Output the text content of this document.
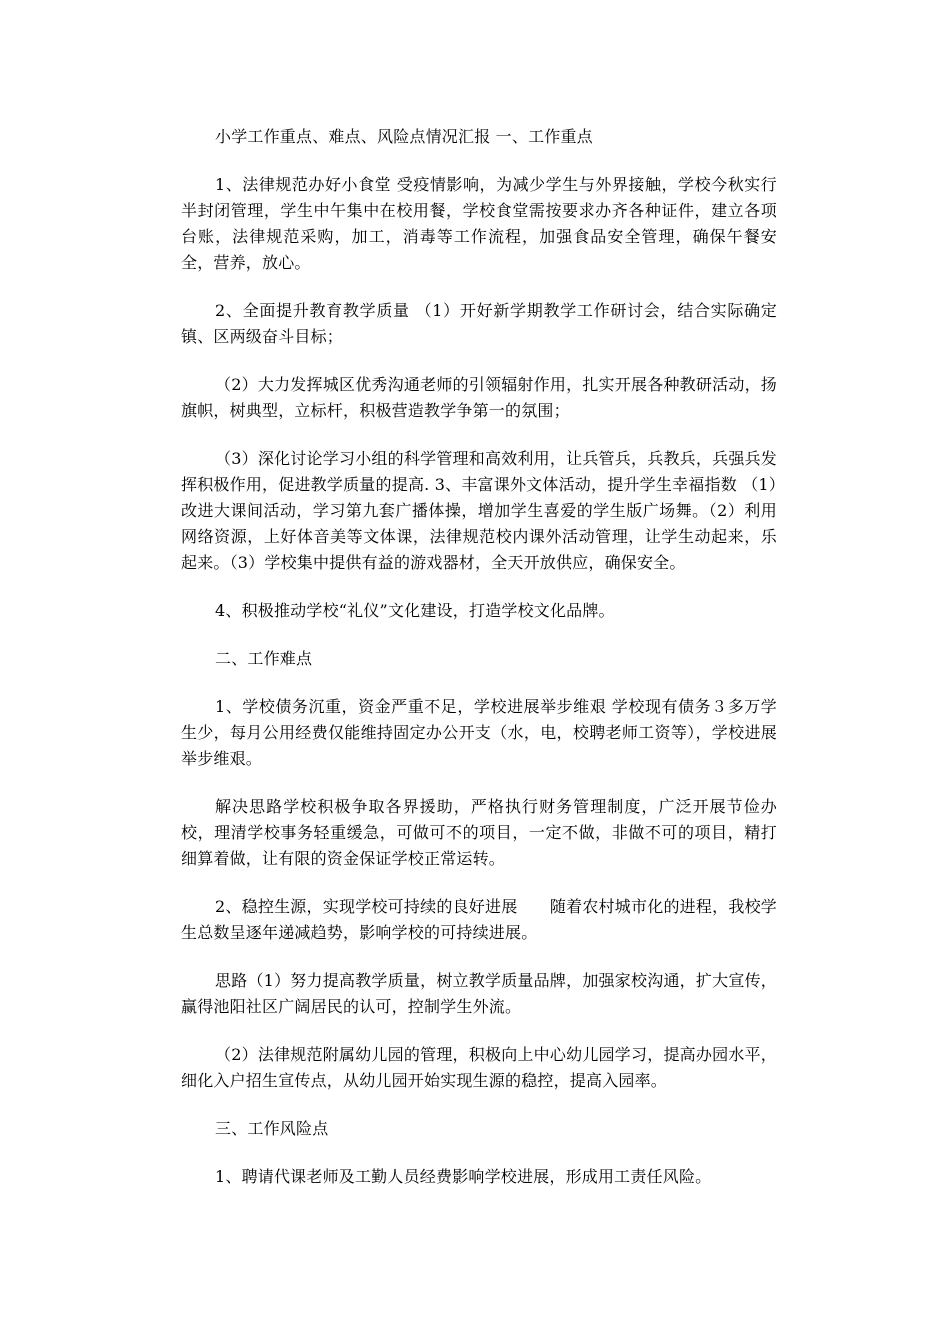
小学工作重点、难点、风险点情况汇报 一、工作重点

1、法律规范办好小食堂 受疫情影响，为减少学生与外界接触，学校今秋实行半封闭管理，学生中午集中在校用餐，学校食堂需按要求办齐各种证件，建立各项台账，法律规范采购，加工，消毒等工作流程，加强食品安全管理，确保午餐安全，营养，放心。

2、全面提升教育教学质量 （1）开好新学期教学工作研讨会，结合实际确定镇、区两级奋斗目标；

（2）大力发挥城区优秀沟通老师的引领辐射作用，扎实开展各种教研活动，扬旗帜，树典型，立标杆，积极营造教学争第一的氛围；

（3）深化讨论学习小组的科学管理和高效利用，让兵管兵，兵教兵，兵强兵发挥积极作用，促进教学质量的提高. 3、丰富课外文体活动，提升学生幸福指数 （1）改进大课间活动，学习第九套广播体操，增加学生喜爱的学生版广场舞。（2）利用网络资源，上好体音美等文体课，法律规范校内课外活动管理，让学生动起来，乐起来。（3）学校集中提供有益的游戏器材，全天开放供应，确保安全。

4、积极推动学校“礼仪”文化建设，打造学校文化品牌。

二、工作难点

1、学校债务沉重，资金严重不足，学校进展举步维艰 学校现有债务３多万学生少，每月公用经费仅能维持固定办公开支（水，电，校聘老师工资等），学校进展举步维艰。

解决思路学校积极争取各界援助，严格执行财务管理制度，广泛开展节俭办校，理清学校事务轻重缓急，可做可不的项目，一定不做，非做不可的项目，精打细算着做，让有限的资金保证学校正常运转。

2、稳控生源，实现学校可持续的良好进展　　随着农村城市化的进程，我校学生总数呈逐年递减趋势，影响学校的可持续进展。

思路（1）努力提高教学质量，树立教学质量品牌，加强家校沟通，扩大宣传，赢得池阳社区广阔居民的认可，控制学生外流。

（2）法律规范附属幼儿园的管理，积极向上中心幼儿园学习，提高办园水平，细化入户招生宣传点，从幼儿园开始实现生源的稳控，提高入园率。

三、工作风险点

1、聘请代课老师及工勤人员经费影响学校进展，形成用工责任风险。
